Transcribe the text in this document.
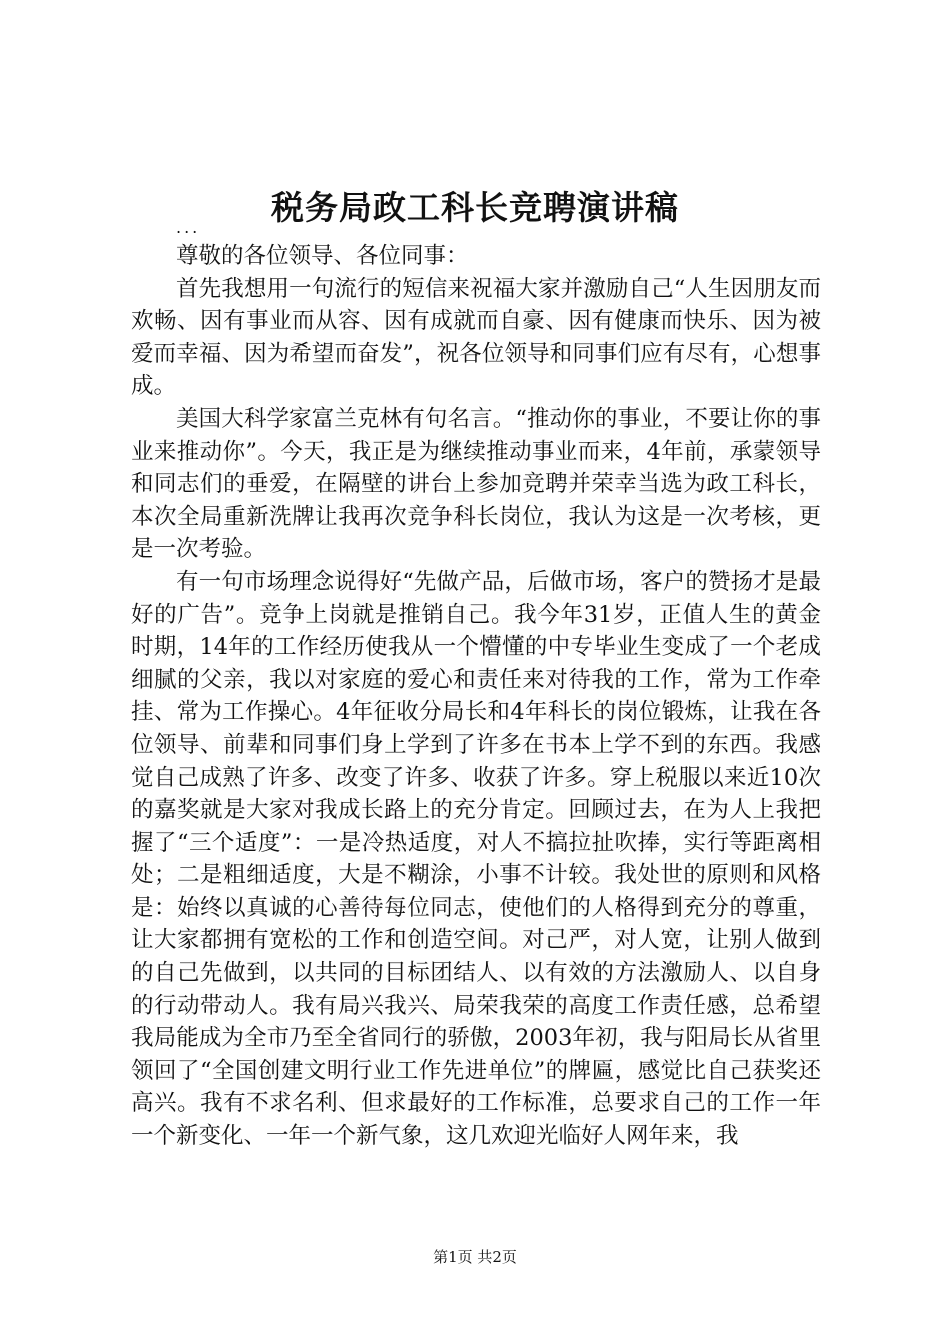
税务局政工科长竞聘演讲稿
...

尊敬的各位领导、各位同事：

首先我想用一句流行的短信来祝福大家并激励自己“人生因朋友而欢畅、因有事业而从容、因有成就而自豪、因有健康而快乐、因为被爱而幸福、因为希望而奋发”，祝各位领导和同事们应有尽有，心想事成。

美国大科学家富兰克林有句名言。“推动你的事业，不要让你的事业来推动你”。今天，我正是为继续推动事业而来，4年前，承蒙领导和同志们的垂爱，在隔壁的讲台上参加竞聘并荣幸当选为政工科长，本次全局重新洗牌让我再次竞争科长岗位，我认为这是一次考核，更是一次考验。

有一句市场理念说得好“先做产品，后做市场，客户的赞扬才是最好的广告”。竞争上岗就是推销自己。我今年31岁，正值人生的黄金时期，14年的工作经历使我从一个懵懂的中专毕业生变成了一个老成细腻的父亲，我以对家庭的爱心和责任来对待我的工作，常为工作牵挂、常为工作操心。4年征收分局长和4年科长的岗位锻炼，让我在各位领导、前辈和同事们身上学到了许多在书本上学不到的东西。我感觉自己成熟了许多、改变了许多、收获了许多。穿上税服以来近10次的嘉奖就是大家对我成长路上的充分肯定。回顾过去，在为人上我把握了“三个适度”：一是冷热适度，对人不搞拉扯吹捧，实行等距离相处；二是粗细适度，大是不糊涂，小事不计较。我处世的原则和风格是：始终以真诚的心善待每位同志，使他们的人格得到充分的尊重，让大家都拥有宽松的工作和创造空间。对己严，对人宽，让别人做到的自己先做到，以共同的目标团结人、以有效的方法激励人、以自身的行动带动人。我有局兴我兴、局荣我荣的高度工作责任感，总希望我局能成为全市乃至全省同行的骄傲，2003年初，我与阳局长从省里领回了“全国创建文明行业工作先进单位”的牌匾，感觉比自己获奖还高兴。我有不求名利、但求最好的工作标准，总要求自己的工作一年一个新变化、一年一个新气象，这几欢迎光临好人网年来，我

第1页 共2页
